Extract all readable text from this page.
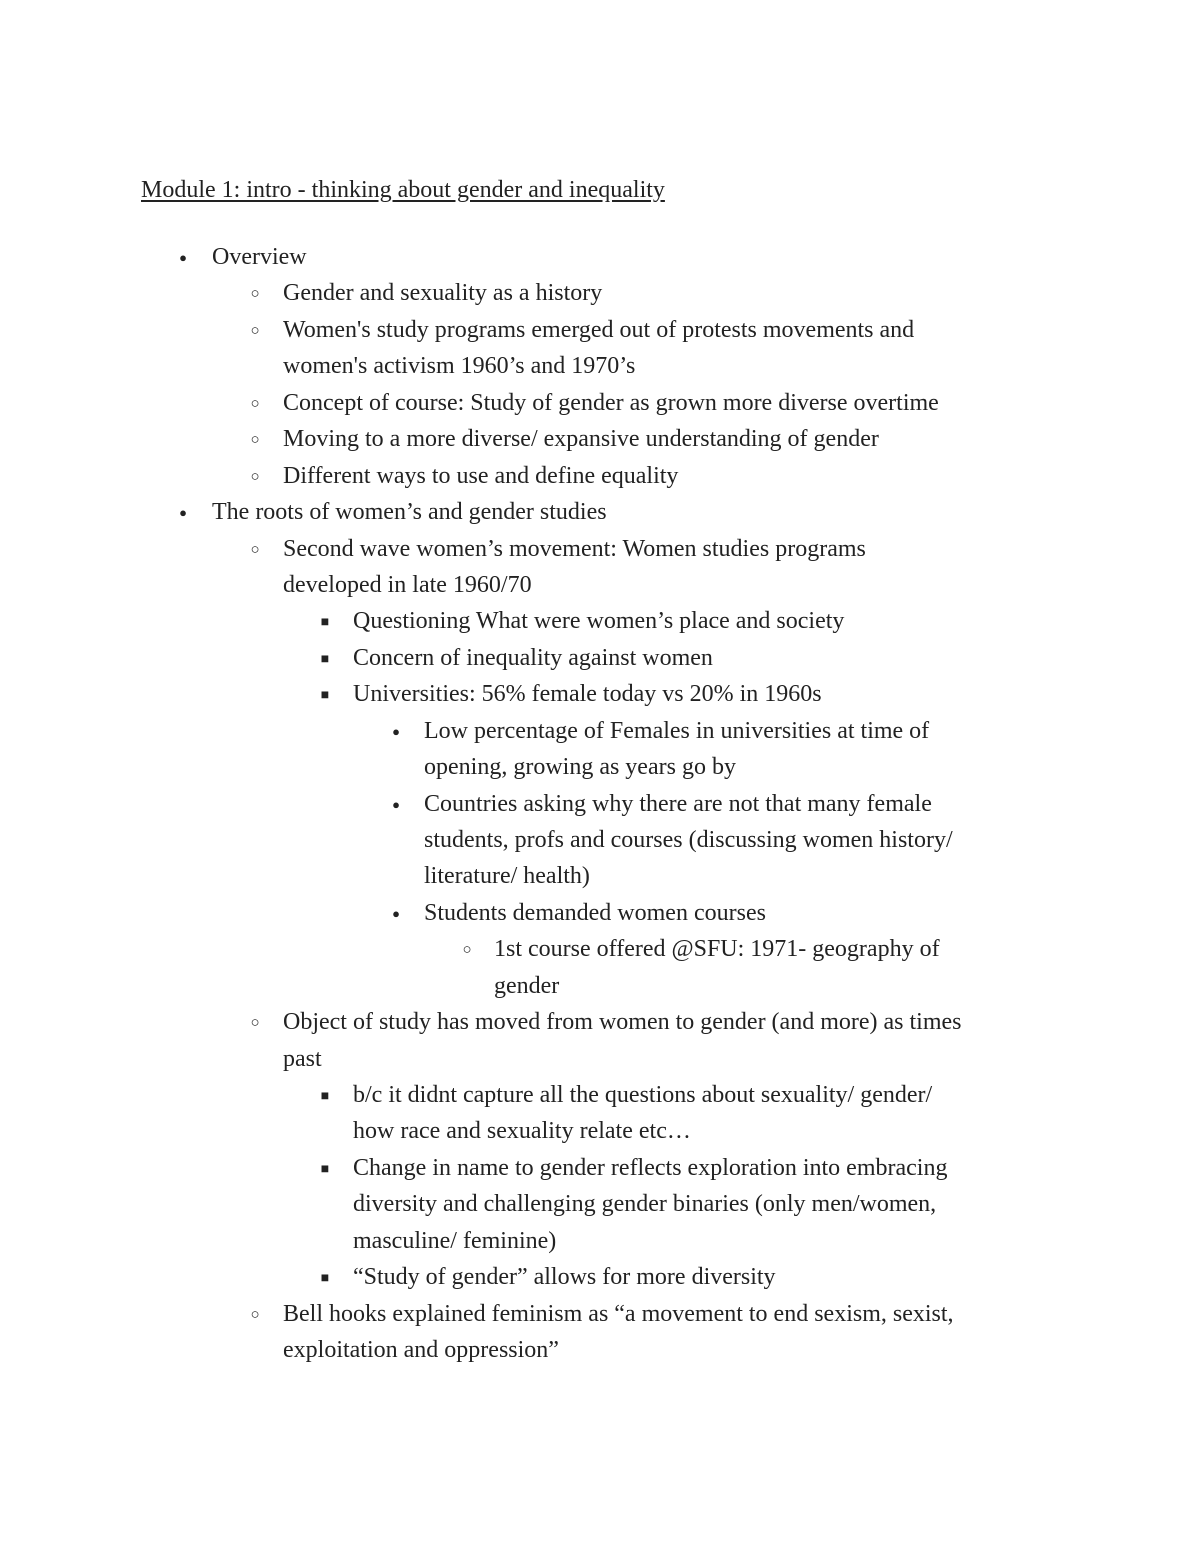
Module 1: intro - thinking about gender and inequality
●
Overview
○
Gender and sexuality as a history
○
Women's study programs emerged out of protests movements and
women's activism 1960’s and 1970’s
○
Concept of course: Study of gender as grown more diverse overtime
○
Moving to a more diverse/ expansive understanding of gender
○
Different ways to use and define equality
●
The roots of women’s and gender studies
○
Second wave women’s movement: Women studies programs
developed in late 1960/70
■
Questioning What were women’s place and society
■
Concern of inequality against women
■
Universities: 56% female today vs 20% in 1960s
●
Low percentage of Females in universities at time of
opening, growing as years go by
●
Countries asking why there are not that many female
students, profs and courses (discussing women history/
literature/ health)
●
Students demanded women courses
○
1st course offered @SFU: 1971- geography of
gender
○
Object of study has moved from women to gender (and more) as times
past
■
b/c it didnt capture all the questions about sexuality/ gender/
how race and sexuality relate etc…
■
Change in name to gender reflects exploration into embracing
diversity and challenging gender binaries (only men/women,
masculine/ feminine)
■
“Study of gender” allows for more diversity
○
Bell hooks explained feminism as “a movement to end sexism, sexist,
exploitation and oppression”
